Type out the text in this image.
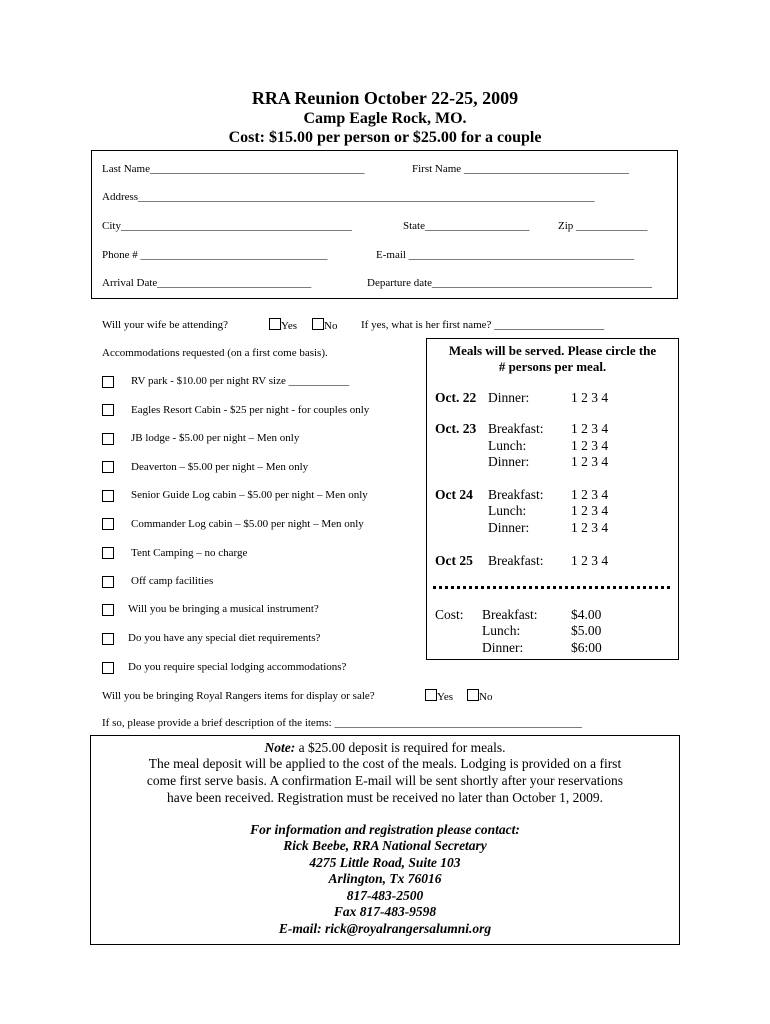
RRA Reunion October 22-25, 2009
Camp Eagle Rock, MO.
Cost: $15.00 per person or $25.00 for a couple
Last Name_______________________________________	First Name ______________________________
Address___________________________________________________________________________________
City__________________________________________	State___________________	Zip _____________
Phone # __________________________________	E-mail _________________________________________
Arrival Date____________________________	Departure date________________________________________
Will your wife be attending?	Yes	No If yes, what is her first name? ____________________
Accommodations requested (on a first come basis).
RV park - $10.00 per night RV size ___________
Eagles Resort Cabin - $25 per night - for couples only
JB lodge - $5.00 per night – Men only
Deaverton – $5.00 per night – Men only
Senior Guide Log cabin – $5.00 per night – Men only
Commander Log cabin – $5.00 per night – Men only
Tent Camping – no charge
Off camp facilities
Will you be bringing a musical instrument?
Do you have any special diet requirements?
Do you require special lodging accommodations?
Meals will be served. Please circle the
# persons per meal.
Oct. 22 Dinner:	1 2 3 4
Oct. 23 Breakfast: 1 2 3 4
Lunch:	1 2 3 4
Dinner:	1 2 3 4
Oct 24 Breakfast: 1 2 3 4
Lunch:	1 2 3 4
Dinner:	1 2 3 4
Oct 25 Breakfast: 1 2 3 4
Cost: Breakfast: $4.00
Lunch:	$5.00
Dinner:	$6:00
Will you be bringing Royal Rangers items for display or sale?	Yes	No
If so, please provide a brief description of the items: _____________________________________________
Note: a $25.00 deposit is required for meals.
The meal deposit will be applied to the cost of the meals. Lodging is provided on a first
come first serve basis. A confirmation E-mail will be sent shortly after your reservations
have been received. Registration must be received no later than October 1, 2009.
For information and registration please contact:
Rick Beebe, RRA National Secretary
4275 Little Road, Suite 103
Arlington, Tx 76016
817-483-2500
Fax 817-483-9598
E-mail: rick@royalrangersalumni.org
